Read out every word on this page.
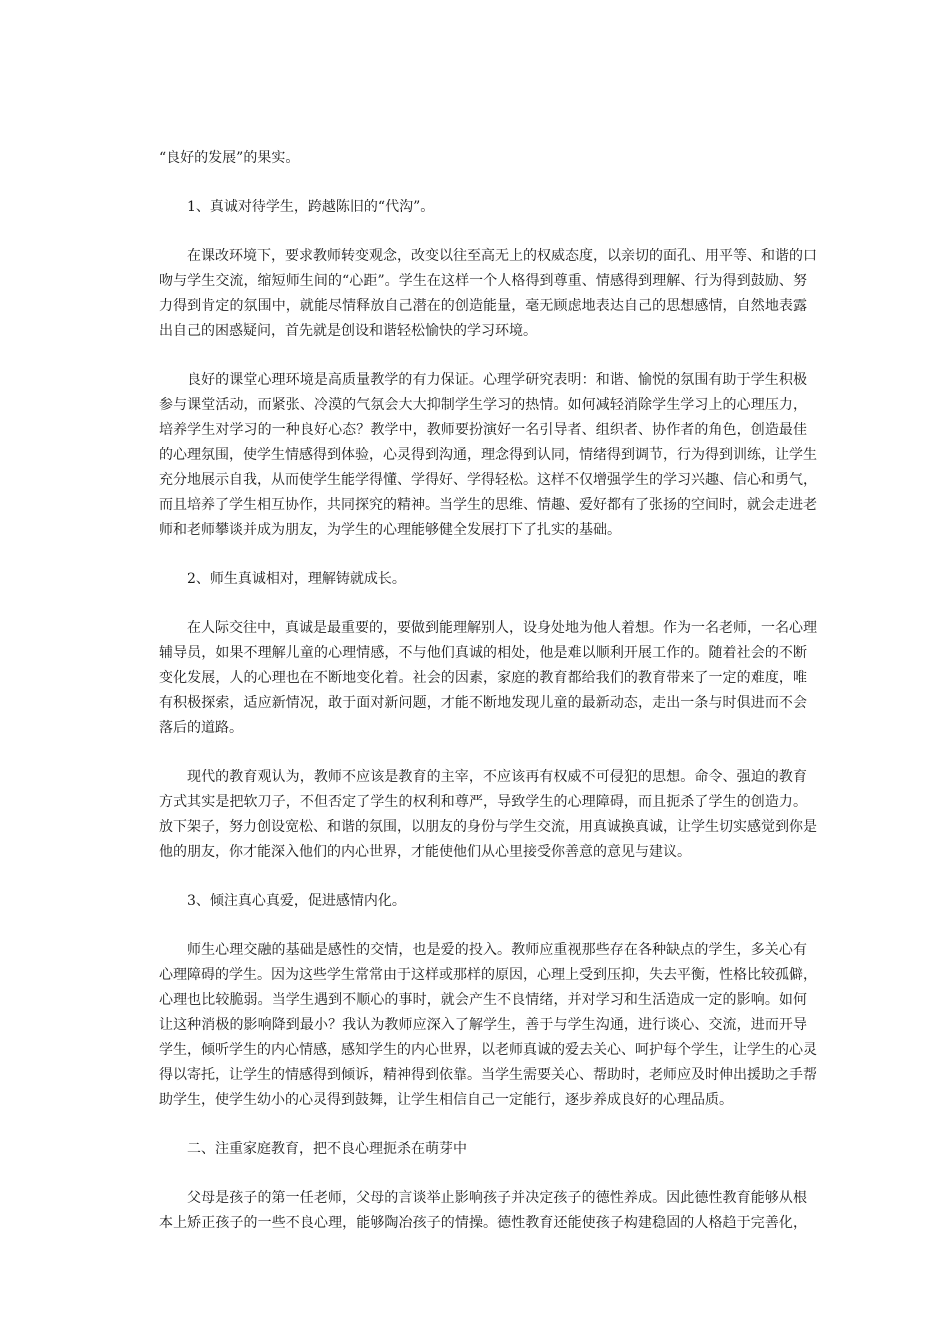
“良好的发展”的果实。
1、真诚对待学生，跨越陈旧的“代沟”。
在课改环境下，要求教师转变观念，改变以往至高无上的权威态度，以亲切的面孔、用平等、和谐的口
吻与学生交流，缩短师生间的“心距”。学生在这样一个人格得到尊重、情感得到理解、行为得到鼓励、努
力得到肯定的氛围中，就能尽情释放自己潜在的创造能量，毫无顾虑地表达自己的思想感情，自然地表露
出自己的困惑疑问，首先就是创设和谐轻松愉快的学习环境。
良好的课堂心理环境是高质量教学的有力保证。心理学研究表明：和谐、愉悦的氛围有助于学生积极
参与课堂活动，而紧张、冷漠的气氛会大大抑制学生学习的热情。如何减轻消除学生学习上的心理压力，
培养学生对学习的一种良好心态？教学中，教师要扮演好一名引导者、组织者、协作者的角色，创造最佳
的心理氛围，使学生情感得到体验，心灵得到沟通，理念得到认同，情绪得到调节，行为得到训练，让学生
充分地展示自我，从而使学生能学得懂、学得好、学得轻松。这样不仅增强学生的学习兴趣、信心和勇气，
而且培养了学生相互协作，共同探究的精神。当学生的思维、情趣、爱好都有了张扬的空间时，就会走进老
师和老师攀谈并成为朋友，为学生的心理能够健全发展打下了扎实的基础。
2、师生真诚相对，理解铸就成长。
在人际交往中，真诚是最重要的，要做到能理解别人，设身处地为他人着想。作为一名老师，一名心理
辅导员，如果不理解儿童的心理情感，不与他们真诚的相处，他是难以顺利开展工作的。随着社会的不断
变化发展，人的心理也在不断地变化着。社会的因素，家庭的教育都给我们的教育带来了一定的难度，唯
有积极探索，适应新情况，敢于面对新问题，才能不断地发现儿童的最新动态，走出一条与时俱进而不会
落后的道路。
现代的教育观认为，教师不应该是教育的主宰，不应该再有权威不可侵犯的思想。命令、强迫的教育
方式其实是把软刀子，不但否定了学生的权利和尊严，导致学生的心理障碍，而且扼杀了学生的创造力。
放下架子，努力创设宽松、和谐的氛围，以朋友的身份与学生交流，用真诚换真诚，让学生切实感觉到你是
他的朋友，你才能深入他们的内心世界，才能使他们从心里接受你善意的意见与建议。
3、倾注真心真爱，促进感情内化。
师生心理交融的基础是感性的交情，也是爱的投入。教师应重视那些存在各种缺点的学生，多关心有
心理障碍的学生。因为这些学生常常由于这样或那样的原因，心理上受到压抑，失去平衡，性格比较孤僻，
心理也比较脆弱。当学生遇到不顺心的事时，就会产生不良情绪，并对学习和生活造成一定的影响。如何
让这种消极的影响降到最小？我认为教师应深入了解学生，善于与学生沟通，进行谈心、交流，进而开导
学生，倾听学生的内心情感，感知学生的内心世界，以老师真诚的爱去关心、呵护每个学生，让学生的心灵
得以寄托，让学生的情感得到倾诉，精神得到依靠。当学生需要关心、帮助时，老师应及时伸出援助之手帮
助学生，使学生幼小的心灵得到鼓舞，让学生相信自己一定能行，逐步养成良好的心理品质。
二、注重家庭教育，把不良心理扼杀在萌芽中
父母是孩子的第一任老师，父母的言谈举止影响孩子并决定孩子的德性养成。因此德性教育能够从根
本上矫正孩子的一些不良心理，能够陶冶孩子的情操。德性教育还能使孩子构建稳固的人格趋于完善化，
